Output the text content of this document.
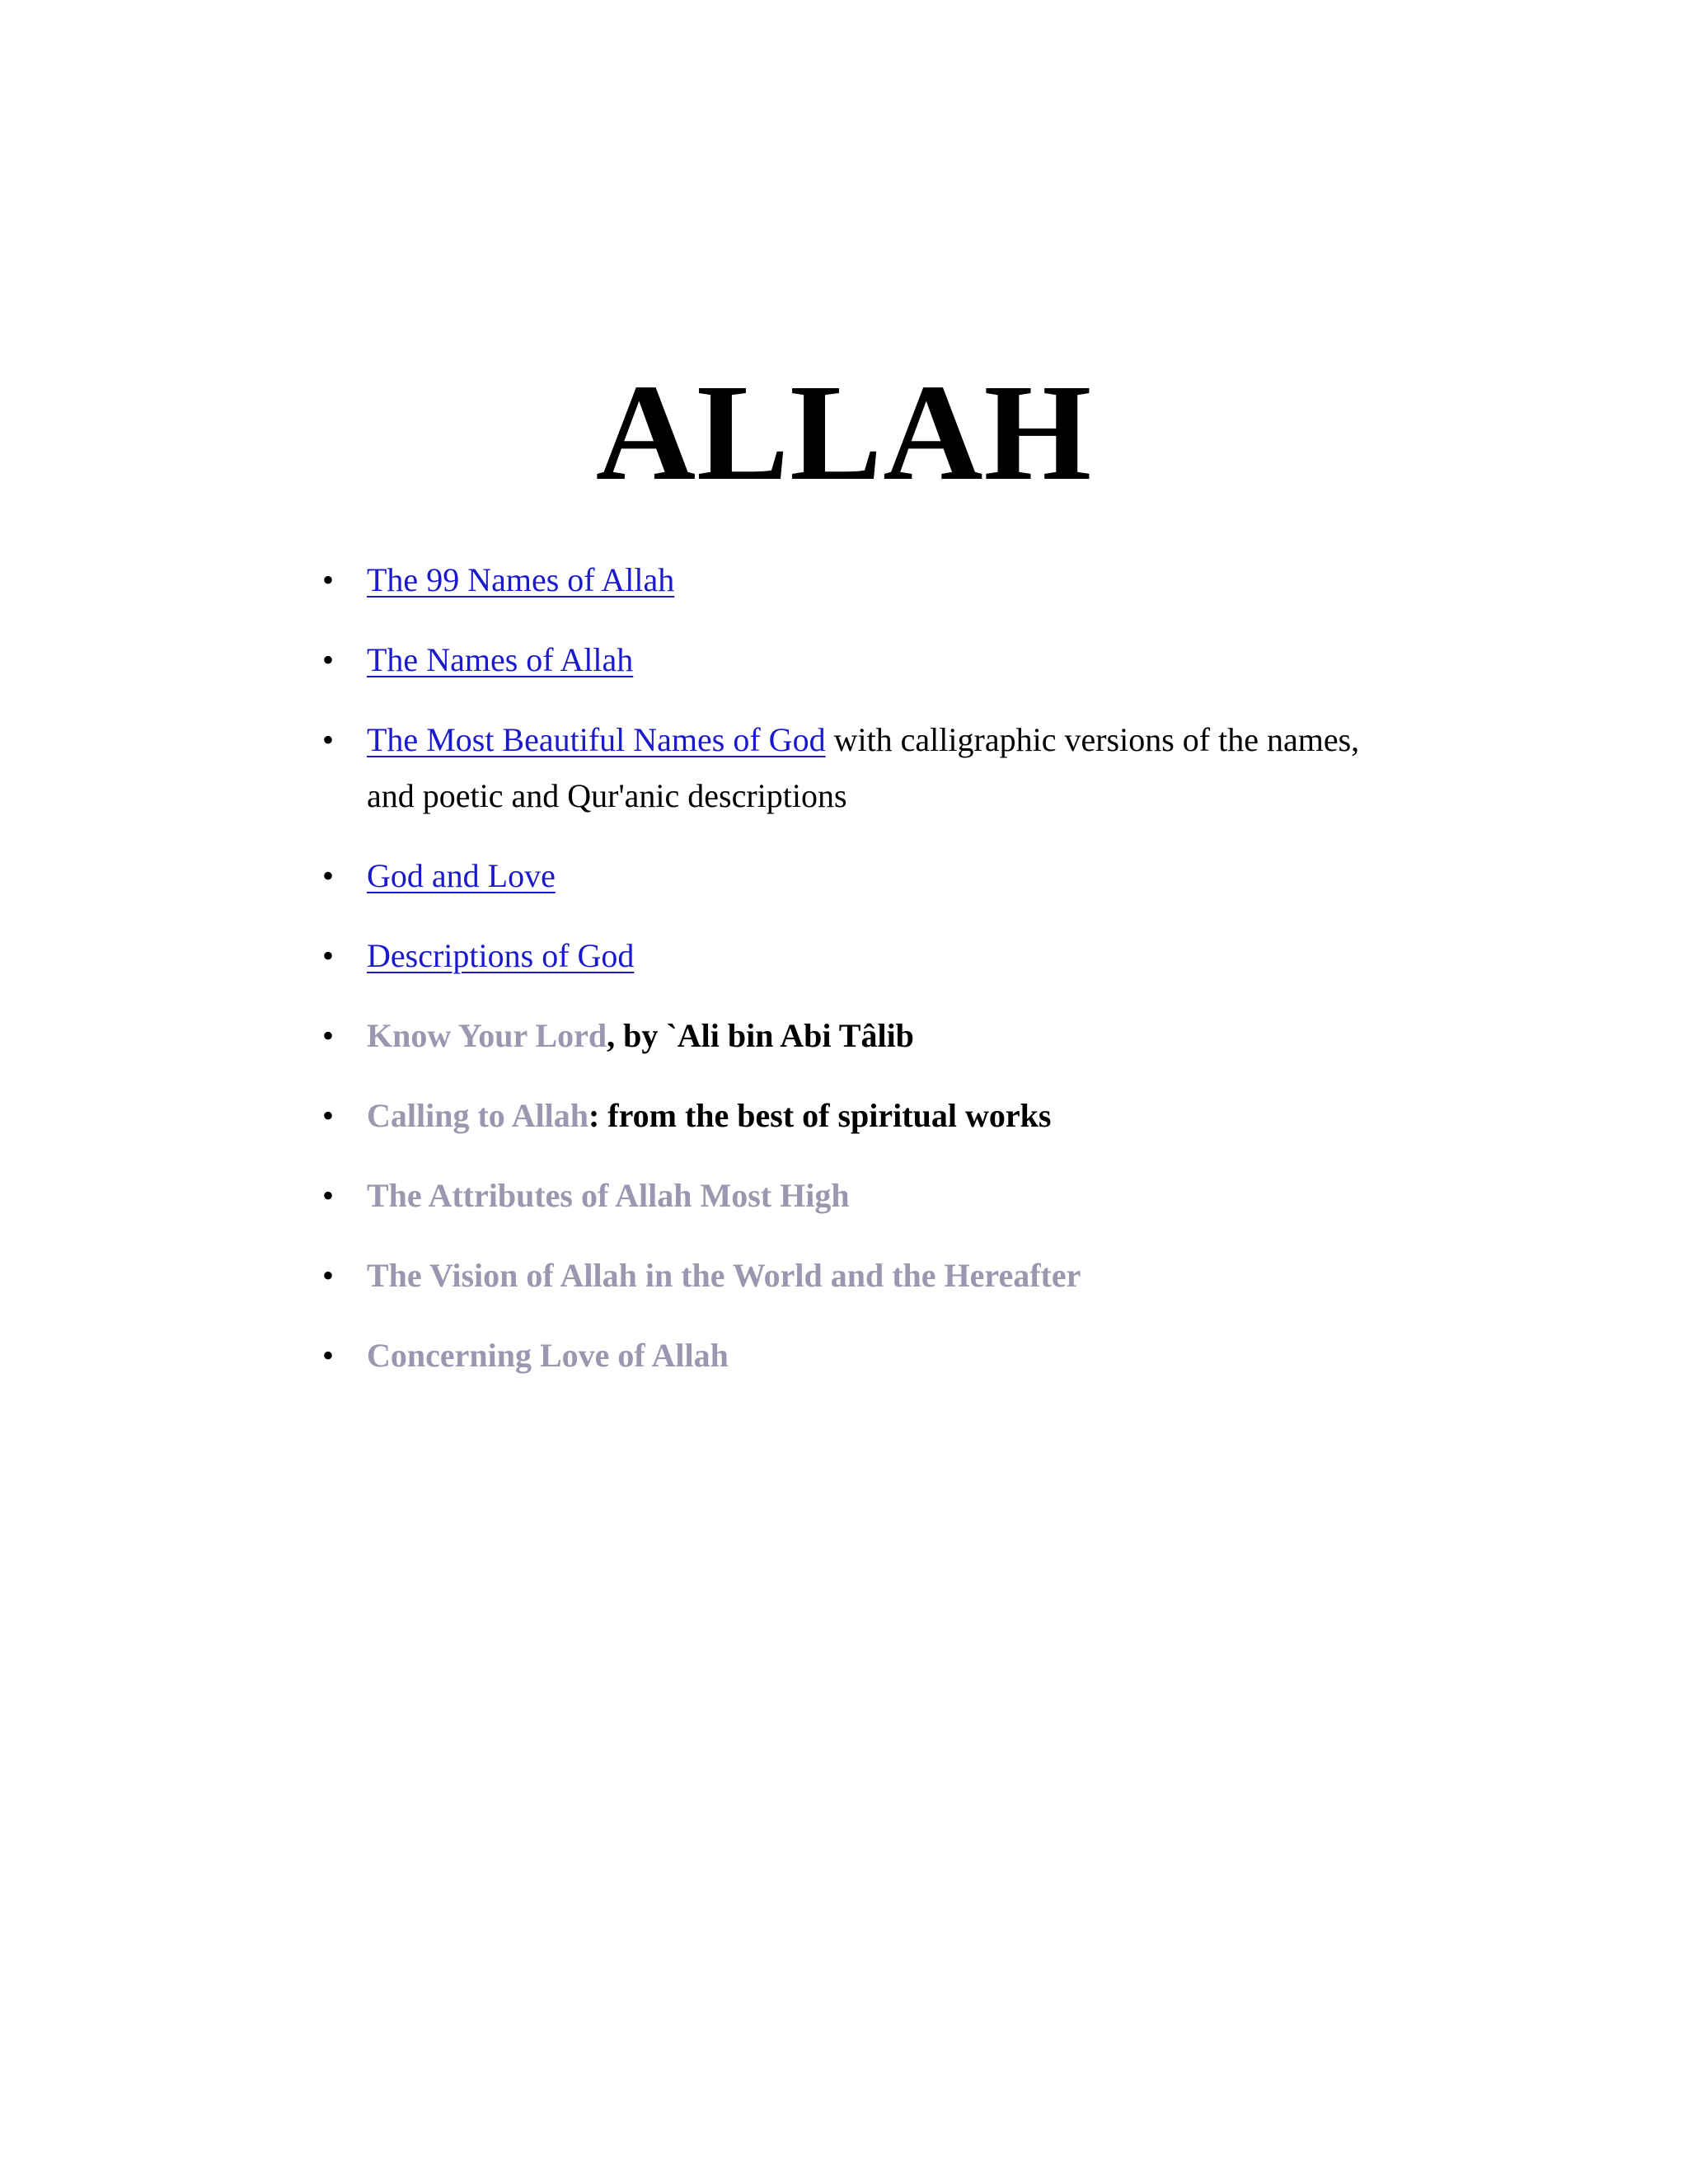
ALLAH
• The 99 Names of Allah
• The Names of Allah
• The Most Beautiful Names of God with calligraphic versions of the names, and poetic and Qur'anic descriptions
• God and Love
• Descriptions of God
• Know Your Lord, by `Ali bin Abi Tâlib
• Calling to Allah: from the best of spiritual works
• The Attributes of Allah Most High
• The Vision of Allah in the World and the Hereafter
• Concerning Love of Allah
